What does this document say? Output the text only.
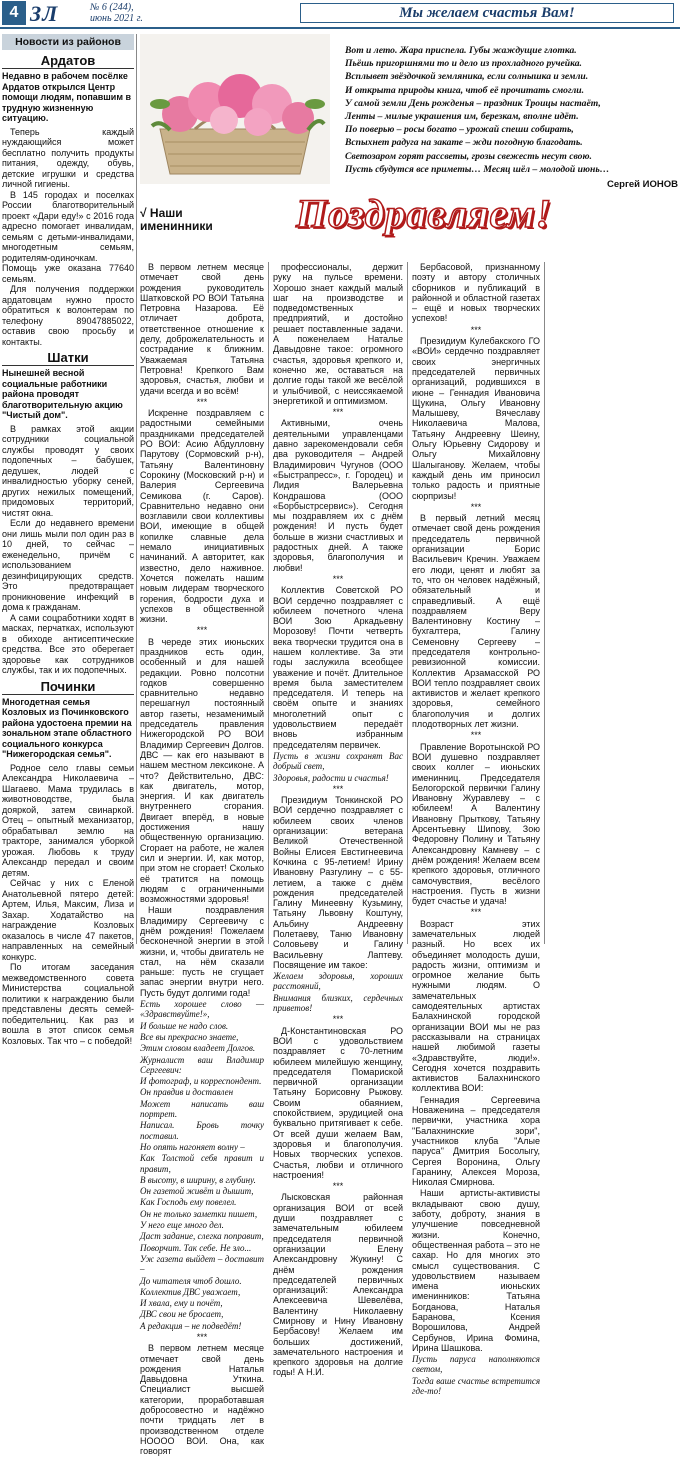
4 ЗЛ	№ 6 (244),
июнь 2021 г.	Мы желаем счастья Вам!
Новости из районов
Ардатов
Недавно в рабочем посёлке Ардатов открылся Центр помощи людям, попавшим в трудную жизненную ситуацию.
Теперь каждый нуждающийся может бесплатно получить продукты питания, одежду, обувь, детские игрушки и средства личной гигиены.
В 145 городах и поселках России благотворительный проект «Дари еду!» с 2016 года адресно помогает инвалидам, семьям с детьми-инвалидами, многодетным семьям, родителям-одиночкам. Помощь уже оказана 77640 семьям.
Для получения поддержки ардатовцам нужно просто обратиться к волонтерам по телефону 89047885022, оставив свою просьбу и контакты.
Шатки
Нынешней весной социальные работники района проводят благотворительную акцию "Чистый дом".
В рамках этой акции сотрудники социальной службы проводят у своих подопечных – бабушек, дедушек, людей с инвалидностью уборку сеней, других нежилых помещений, придомовых территорий, чистят окна.
Если до недавнего времени они лишь мыли пол один раз в 10 дней, то сейчас – еженедельно, причём с использованием дезинфицирующих средств. Это предотвращает проникновение инфекций в дома к гражданам.
А сами соцработники ходят в масках, перчатках, используют в обиходе антисептические средства. Все это оберегает здоровье как сотрудников службы, так и их подопечных.
Починки
Многодетная семья Козловых из Починковского района удостоена премии на зональном этапе областного социального конкурса "Нижегородская семья".
Родное село главы семьи Александра Николаевича – Шагаево. Мама трудилась в животноводстве, была дояркой, затем свинаркой. Отец – опытный механизатор, обрабатывал землю на тракторе, занимался уборкой урожая. Любовь к труду Александр передал и своим детям.
Сейчас у них с Еленой Анатольевной пятеро детей: Артем, Илья, Максим, Лиза и Захар. Ходатайство на награждение Козловых оказалось в числе 47 пакетов, направленных на семейный конкурс.
По итогам заседания межведомственного совета Министерства социальной политики к награждению были представлены десять семей-победительниц. Как раз и вошла в этот список семья Козловых. Так что – с победой!
Вот и лето. Жара приспела. Губы жаждущие глотка.
Пьёшь пригоршнями то и дело из прохладного ручейка.
Всплывет звёздочкой земляника, если солнышка и земли.
И открыта природы книга, чтоб её прочитать смогли.
У самой земли День рожденья – праздник Троицы настаёт,
Ленты – милые украшения им, березкам, вполне идёт.
По поверью – росы богато – урожай спеши собирать,
Вспыхнет радуга на закате – жди погодную благодать.
Светозаром горят рассветы, грозы свежесть несут свою.
Пусть сбудутся все приметы… Месяц шёл – молодой июнь…
Сергей ИОНОВ
√ Наши именинники	Поздравляем!

В первом летнем месяце отмечает свой день рождения руководитель Шатковской РО ВОИ Татьяна Петровна Назарова. Её отличает доброта, ответственное отношение к делу, доброжелательность и сострадание к ближним. Уважаемая Татьяна Петровна! Крепкого Вам здоровья, счастья, любви и удачи всегда и во всём!

***

Искренне поздравляем с радостными семейными праздниками председателей РО ВОИ: Асию Абдулловну Парутову (Сормовский р-н), Татьяну Валентиновну Сорокину (Московский р-н) и Валерия Сергеевича Семикова (г. Саров). Сравнительно недавно они возглавили свои коллективы ВОИ, имеющие в общей копилке славные дела немало инициативных начинаний. А авторитет, как известно, дело наживное. Хочется пожелать нашим новым лидерам творческого горения, бодрости духа и успехов в общественной жизни.

***

В череде этих июньских праздников есть один, особенный и для нашей редакции. Ровно полсотни годков совершенно сравнительно недавно перешагнул постоянный автор газеты, незаменимый председатель правления Нижегородской РО ВОИ Владимир Сергеевич Долгов. ДВС — как его называют в нашем местном лексиконе. А что? Действительно, ДВС: как двигатель, мотор, энергия. И как двигатель внутреннего сгорания. Двигает вперёд, в новые достижения нашу общественную организацию. Сгорает на работе, не жалея сил и энергии. И, как мотор, при этом не сгорает! Сколько её тратится на помощь людям с ограниченными возможностями здоровья!

Наши поздравления Владимиру Сергеевичу с днём рождения! Пожелаем бесконечной энергии в этой жизни, и, чтобы двигатель не стал, на нём сказали раньше: пусть не сгущает запас энергии внутри него. Пусть будут долгими года!

Есть хорошее слово — «Здравствуйте!»,

И больше не надо слов.

Все вы прекрасно знаете,

Этим словом владеет Долгов.

Журналист ваш Владимир Сергеевич:

И фотограф, и корреспондент.

Он правдив и доставлен

Может написать ваш портрет.

Написал. Бровь точку поставил.

Но опять нагоняет волну –

Как Толстой себя правит и правит,

В высоту, в ширину, в глубину.

Он газетой живёт и дышит,

Как Господь ему повелел.

Он не только заметки пишет,

У него еще много дел.

Даст задание, слегка поправит,

Поворчит. Так себе. Не зло...

Уж газета выйдет – доставит –

До читателя чтоб дошло.

Коллектив ДВС уважает,

И хвала, ему и почёт,

ДВС свои не бросает,

А редакция – не подведёт!

***

В первом летнем месяце отмечает свой день рождения Наталья Давыдовна Уткина. Специалист высшей категории, проработавшая добросовестно и надёжно почти тридцать лет в производственном отделе НОООО ВОИ. Она, как говорят

профессионалы, держит руку на пульсе времени. Хорошо знает каждый малый шаг на производстве и подведомственных предприятий, и достойно решает поставленные задачи. А поженелаем Наталье Давыдовне такое: огромного счастья, здоровья крепкого и, конечно же, оставаться на долгие годы такой же весёлой и улыбчивой, с неиссякаемой энергетикой и оптимизмом.

***

Активными, очень деятельными управленцами давно зарекомендовали себя два руководителя – Андрей Владимирович Чугунов (ООО «Быстрапресс», г. Городец) и Лидия Валерьевна Кондрашова (ООО «Борбыстрсервис»). Сегодня мы поздравляем их с днём рождения! И пусть будет больше в жизни счастливых и радостных дней. А также здоровья, благополучия и любви!

***

Коллектив Советской РО ВОИ сердечно поздравляет с юбилеем почетного члена ВОИ Зою Аркадьевну Морозову! Почти четверть века творчески трудится она в нашем коллективе. За эти годы заслужила всеобщее уважение и почёт. Длительное время была заместителем председателя. И теперь на своём опыте и знаниях многолетний опыт с удовольствием передаёт вновь избранным председателям первичек.

Пусть в жизни сохранят Вас добрый свет,

Здоровья, радости и счастья!

***

Президиум Тонкинской РО ВОИ сердечно поздравляет с юбилеем своих членов организации: ветерана Великой Отечественной Войны Елисея Евстигнеевича Кочкина с 95-летием! Ирину Ивановну Разгулину – с 55-летием, а также с днём рождения председателей Галину Минеевну Кузьмину, Татьяну Львовну Коштуну, Альбину Андреевну Полетаеву, Таню Ивановну Соловьеву и Галину Васильевну Лаптеву. Посвящение им такое:

Желаем здоровья, хороших расстояний,

Внимания близких, сердечных приветов!

***

Д-Константиновская РО ВОИ с удовольствием поздравляет с 70-летним юбилеем милейшую женщину, председателя Помариской первичной организации Татьяну Борисовну Рыжову. Своим обаянием, спокойствием, эрудицией она буквально притягивает к себе. От всей души желаем Вам, здоровья и благополучия. Новых творческих успехов. Счастья, любви и отличного настроения!

***

Лысковская районная организация ВОИ от всей души поздравляет с замечательным юбилеем председателя первичной организации Елену Александровну Жукину! С днём рождения председателей первичных организаций: Александра Алексеевича Шевелёва, Валентину Николаевну Смирнову и Нину Ивановну Бербасову! Желаем им больших достижений, замечательного настроения и крепкого здоровья на долгие годы! А Н.И.

Бербасовой, признанному поэту и автору столичных сборников и публикаций в районной и областной газетах – ещё и новых творческих успехов!

***

Президиум Кулебакского ГО «ВОИ» сердечно поздравляет своих энергичных председателей первичных организаций, родившихся в июне – Геннадия Ивановича Щукина, Ольгу Ивановну Малышеву, Вячеславу Николаевича Малова, Татьяну Андреевну Шеину, Ольгу Юрьевну Сидорову и Ольгу Михайловну Шалыганову. Желаем, чтобы каждый день им приносил только радость и приятные сюрпризы!

***

В первый летний месяц отмечает свой день рождения председатель первичной организации Борис Васильевич Кречин. Уважаем его люди, ценят и любят за то, что он человек надёжный, обязательный и справедливый. А ещё поздравляем Веру Валентиновну Костину – бухгалтера, Галину Семеновну Сергееву – председателя контрольно-ревизионной комиссии. Коллектив Арзамасской РО ВОИ тепло поздравляет своих активистов и желает крепкого здоровья, семейного благополучия и долгих плодотворных лет жизни.

***

Правление Воротынской РО ВОИ душевно поздравляет своих коллег – июньских именинниц. Председателя Белогорской первички Галину Ивановну Журавлеву – с юбилеем! А Валентину Ивановну Прыткову, Татьяну Арсентьевну Шипову, Зою Федоровну Полину и Татьяну Александровну Камневу – с днём рождения! Желаем всем крепкого здоровья, отличного самочувствия, весёлого настроения. Пусть в жизни будет счастье и удача!

***

Возраст этих замечательных людей разный. Но всех их объединяет молодость души, радость жизни, оптимизм и огромное желание быть нужными людям. О замечательных самодеятельных артистах Балахнинской городской организации ВОИ мы не раз рассказывали на страницах нашей любимой газеты «Здравствуйте, люди!». Сегодня хочется поздравить активистов Балахнинского коллектива ВОИ:

Геннадия Сергеевича Новаженина – председателя первички, участника хора "Балахнинские зори", участников клуба "Алые паруса" Дмитрия Босолыгу, Сергея Воронина, Ольгу Гаранину, Алексея Мороза, Николая Смирнова.

Наши артисты-активисты вкладывают свою душу, заботу, доброту, знания в улучшение повседневной жизни. Конечно, общественная работа – это не сахар. Но для многих это смысл существования. С удовольствием называем имена июньских именинников: Татьяна Богданова, Наталья Баранова, Ксения Ворошилова, Андрей Сербунов, Ирина Фомина, Ирина Шашкова.

Пусть парусa наполняются светом,

Тогда ваше счастье встретится где-то!
